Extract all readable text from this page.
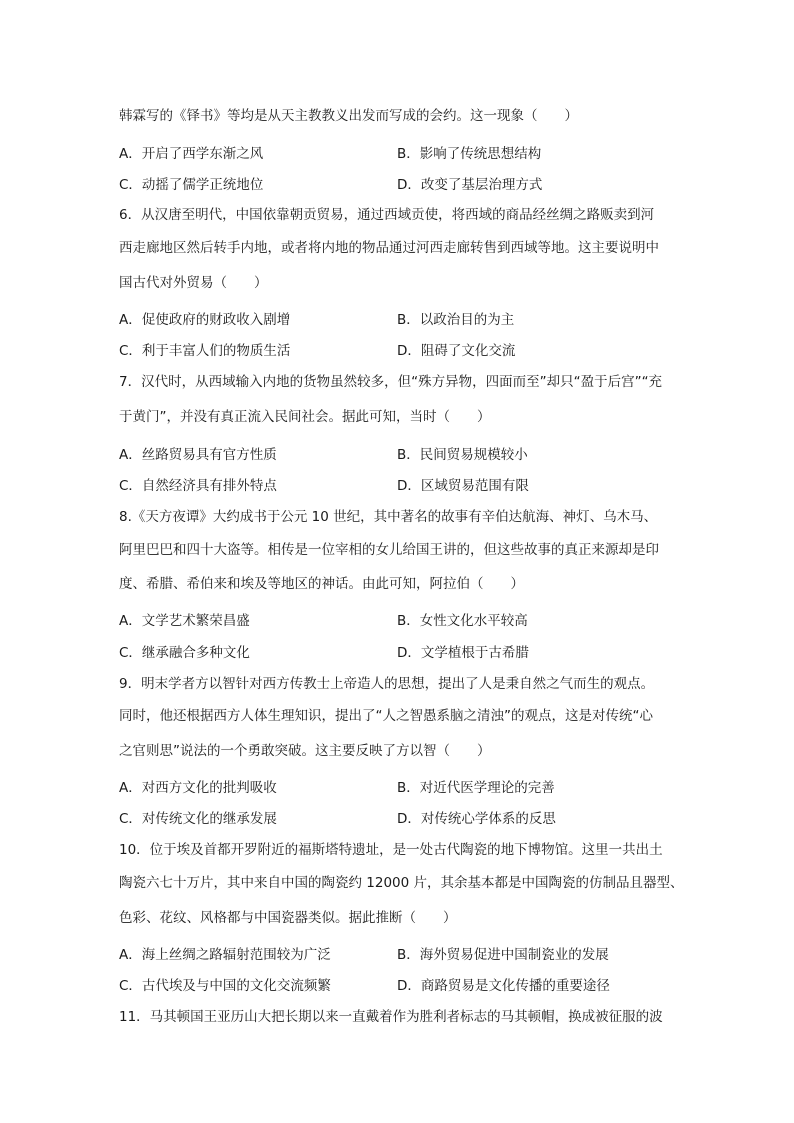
韩霖写的《铎书》等均是从天主教教义出发而写成的会约。这一现象（　　）
A．开启了西学东渐之风	B．影响了传统思想结构
C．动摇了儒学正统地位	D．改变了基层治理方式
6．从汉唐至明代，中国依靠朝贡贸易，通过西域贡使，将西域的商品经丝绸之路贩卖到河
西走廊地区然后转手内地，或者将内地的物品通过河西走廊转售到西域等地。这主要说明中
国古代对外贸易（　　）
A．促使政府的财政收入剧增	B．以政治目的为主
C．利于丰富人们的物质生活	D．阻碍了文化交流
7．汉代时，从西域输入内地的货物虽然较多，但“殊方异物，四面而至”却只“盈于后宫”“充
于黄门”，并没有真正流入民间社会。据此可知，当时（　　）
A．丝路贸易具有官方性质	B．民间贸易规模较小
C．自然经济具有排外特点	D．区域贸易范围有限
8.《天方夜谭》大约成书于公元 10 世纪，其中著名的故事有辛伯达航海、神灯、乌木马、
阿里巴巴和四十大盗等。相传是一位宰相的女儿给国王讲的，但这些故事的真正来源却是印
度、希腊、希伯来和埃及等地区的神话。由此可知，阿拉伯（　　）
A．文学艺术繁荣昌盛	B．女性文化水平较高
C．继承融合多种文化	D．文学植根于古希腊
9．明末学者方以智针对西方传教士上帝造人的思想，提出了人是秉自然之气而生的观点。
同时，他还根据西方人体生理知识，提出了“人之智愚系脑之清浊”的观点，这是对传统“心
之官则思”说法的一个勇敢突破。这主要反映了方以智（　　）
A．对西方文化的批判吸收	B．对近代医学理论的完善
C．对传统文化的继承发展	D．对传统心学体系的反思
10．位于埃及首都开罗附近的福斯塔特遗址，是一处古代陶瓷的地下博物馆。这里一共出土
陶瓷六七十万片，其中来自中国的陶瓷约 12000 片，其余基本都是中国陶瓷的仿制品且器型、
色彩、花纹、风格都与中国瓷器类似。据此推断（　　）
A．海上丝绸之路辐射范围较为广泛	B．海外贸易促进中国制瓷业的发展
C．古代埃及与中国的文化交流频繁	D．商路贸易是文化传播的重要途径
11．马其顿国王亚历山大把长期以来一直戴着作为胜利者标志的马其顿帽，换成被征服的波
